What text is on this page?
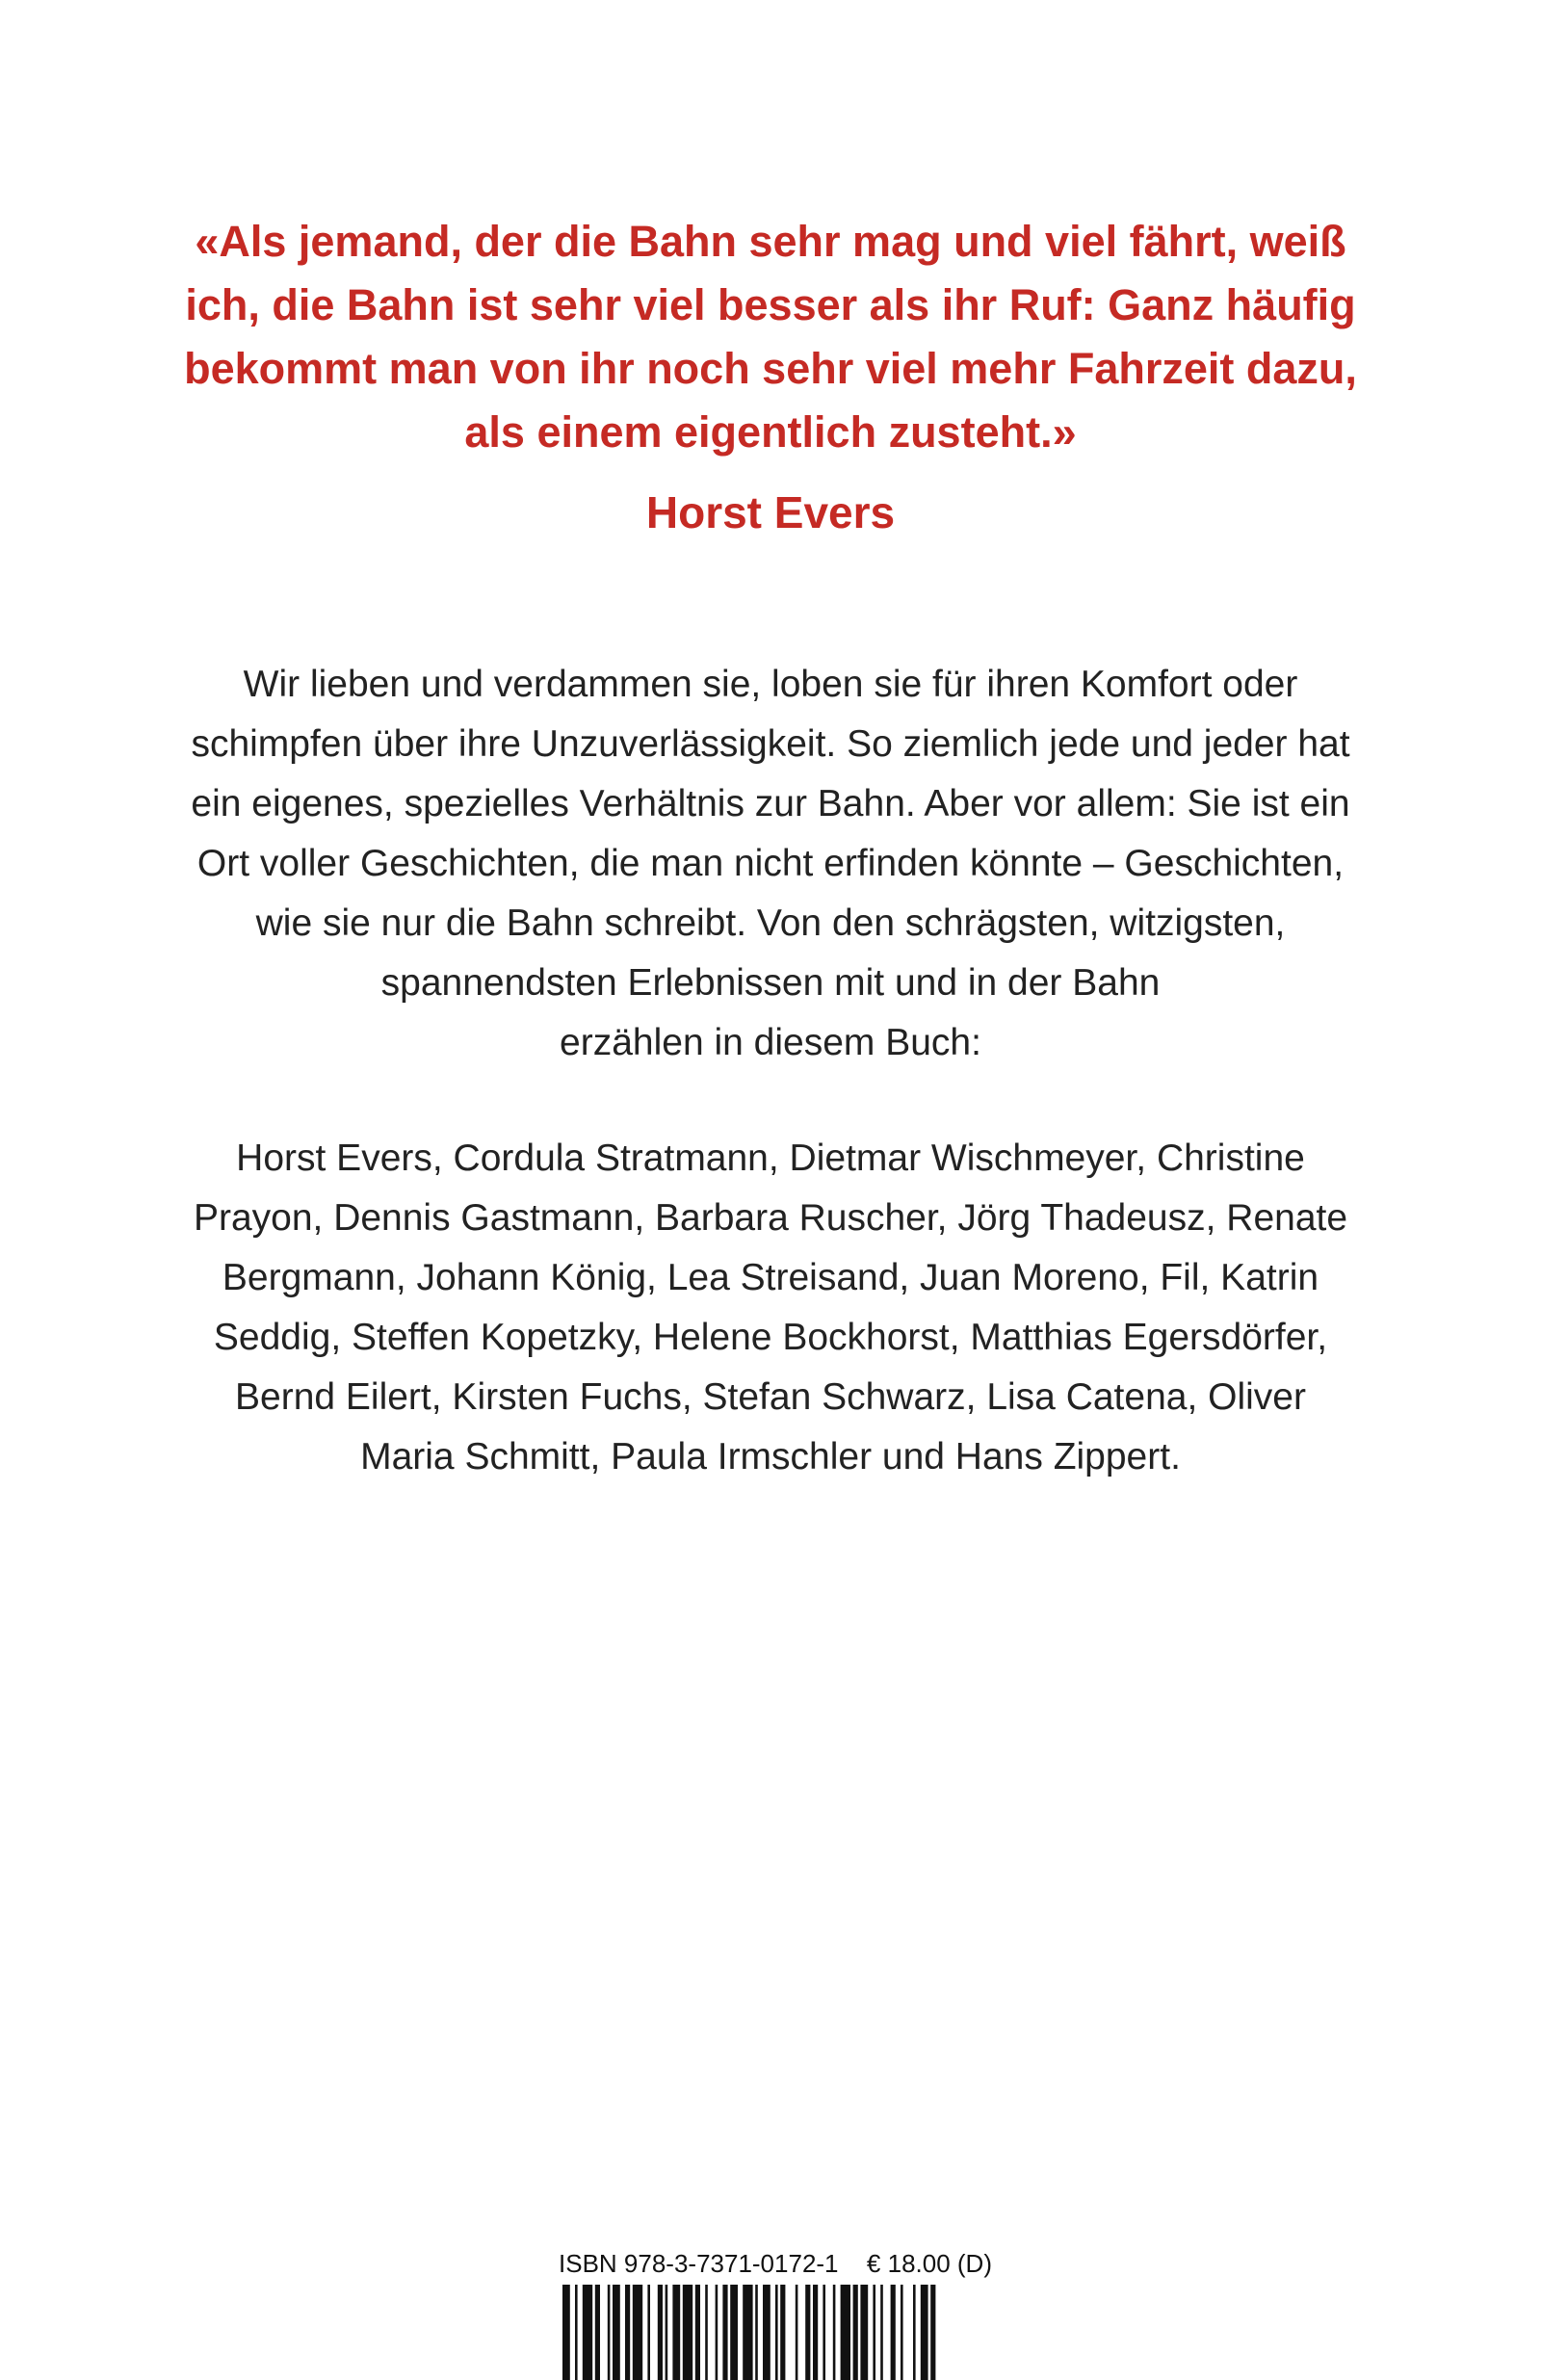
«Als jemand, der die Bahn sehr mag und viel fährt, weiß
ich, die Bahn ist sehr viel besser als ihr Ruf: Ganz häufig
bekommt man von ihr noch sehr viel mehr Fahrzeit dazu,
als einem eigentlich zusteht.»
Horst Evers
Wir lieben und verdammen sie, loben sie für ihren Komfort oder
schimpfen über ihre Unzuverlässigkeit. So ziemlich jede und jeder hat
ein eigenes, spezielles Verhältnis zur Bahn. Aber vor allem: Sie ist ein
Ort voller Geschichten, die man nicht erfinden könnte – Geschichten,
wie sie nur die Bahn schreibt. Von den schrägsten, witzigsten,
spannendsten Erlebnissen mit und in der Bahn
erzählen in diesem Buch:
Horst Evers, Cordula Stratmann, Dietmar Wischmeyer, Christine
Prayon, Dennis Gastmann, Barbara Ruscher, Jörg Thadeusz, Renate
Bergmann, Johann König, Lea Streisand, Juan Moreno, Fil, Katrin
Seddig, Steffen Kopetzky, Helene Bockhorst, Matthias Egersdörfer,
Bernd Eilert, Kirsten Fuchs, Stefan Schwarz, Lisa Catena, Oliver
Maria Schmitt, Paula Irmschler und Hans Zippert.
ISBN 978-3-7371-0172-1 € 18.00 (D)
